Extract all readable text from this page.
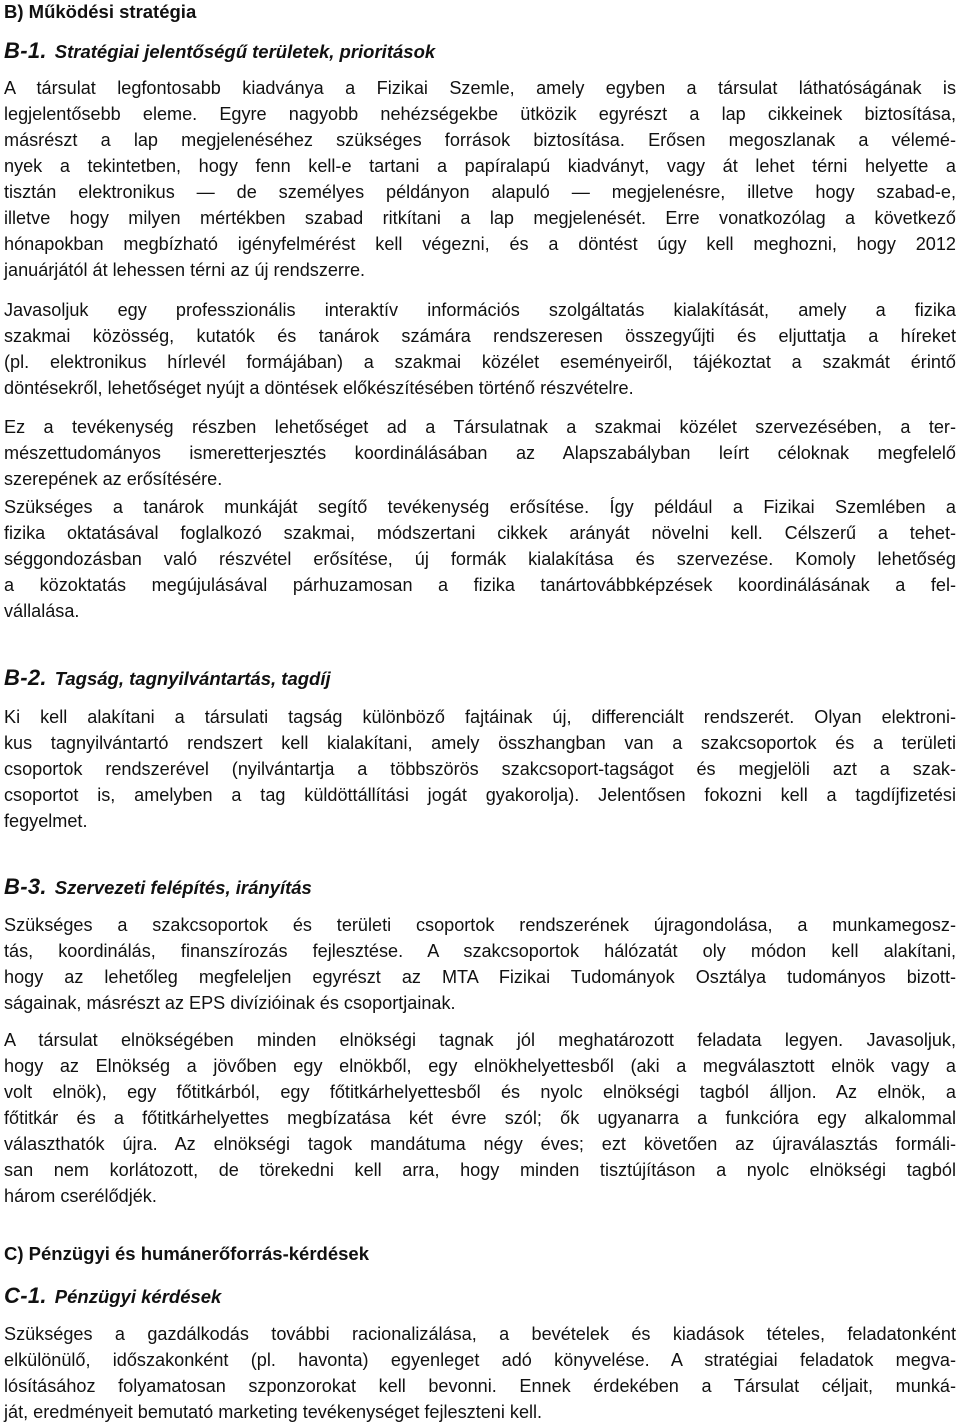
B) Működési stratégia

B-1. Stratégiai jelentőségű területek, prioritások

A társulat legfontosabb kiadványa a Fizikai Szemle, amely egyben a társulat láthatóságának is
legjelentősebb eleme. Egyre nagyobb nehézségekbe ütközik egyrészt a lap cikkeinek biztosítása,
másrészt a lap megjelenéséhez szükséges források biztosítása. Erősen megoszlanak a vélemé-
nyek a tekintetben, hogy fenn kell-e tartani a papíralapú kiadványt, vagy át lehet térni helyette a
tisztán elektronikus — de személyes példányon alapuló — megjelenésre, illetve hogy szabad-e,
illetve hogy milyen mértékben szabad ritkítani a lap megjelenését. Erre vonatkozólag a következő
hónapokban megbízható igényfelmérést kell végezni, és a döntést úgy kell meghozni, hogy 2012
januárjától át lehessen térni az új rendszerre.

Javasoljuk egy professzionális interaktív információs szolgáltatás kialakítását, amely a fizika
szakmai közösség, kutatók és tanárok számára rendszeresen összegyűjti és eljuttatja a híreket
(pl. elektronikus hírlevél formájában) a szakmai közélet eseményeiről, tájékoztat a szakmát érintő
döntésekről, lehetőséget nyújt a döntések előkészítésében történő részvételre.

Ez a tevékenység részben lehetőséget ad a Társulatnak a szakmai közélet szervezésében, a ter-
mészettudományos ismeretterjesztés koordinálásában az Alapszabályban leírt céloknak megfelelő
szerepének az erősítésére.

Szükséges a tanárok munkáját segítő tevékenység erősítése. Így például a Fizikai Szemlében a
fizika oktatásával foglalkozó szakmai, módszertani cikkek arányát növelni kell. Célszerű a tehet-
séggondozásban való részvétel erősítése, új formák kialakítása és szervezése. Komoly lehetőség
a közoktatás megújulásával párhuzamosan a fizika tanártovábbképzések koordinálásának a fel-
vállalása.

B-2. Tagság, tagnyilvántartás, tagdíj

Ki kell alakítani a társulati tagság különböző fajtáinak új, differenciált rendszerét. Olyan elektroni-
kus tagnyilvántartó rendszert kell kialakítani, amely összhangban van a szakcsoportok és a területi
csoportok rendszerével (nyilvántartja a többszörös szakcsoport-tagságot és megjelöli azt a szak-
csoportot is, amelyben a tag küldöttállítási jogát gyakorolja). Jelentősen fokozni kell a tagdíjfizetési
fegyelmet.

B-3. Szervezeti felépítés, irányítás

Szükséges a szakcsoportok és területi csoportok rendszerének újragondolása, a munkamegosz-
tás, koordinálás, finanszírozás fejlesztése. A szakcsoportok hálózatát oly módon kell alakítani,
hogy az lehetőleg megfeleljen egyrészt az MTA Fizikai Tudományok Osztálya tudományos bizott-
ságainak, másrészt az EPS divízióinak és csoportjainak.

A társulat elnökségében minden elnökségi tagnak jól meghatározott feladata legyen. Javasoljuk,
hogy az Elnökség a jövőben egy elnökből, egy elnökhelyettesből (aki a megválasztott elnök vagy a
volt elnök), egy főtitkárból, egy főtitkárhelyettesből és nyolc elnökségi tagból álljon. Az elnök, a
főtitkár és a főtitkárhelyettes megbízatása két évre szól; ők ugyanarra a funkcióra egy alkalommal
választhatók újra. Az elnökségi tagok mandátuma négy éves; ezt követően az újraválasztás formáli-
san nem korlátozott, de törekedni kell arra, hogy minden tisztújításon a nyolc elnökségi tagból
három cserélődjék.

C) Pénzügyi és humánerőforrás-kérdések

C-1. Pénzügyi kérdések

Szükséges a gazdálkodás további racionalizálása, a bevételek és kiadások tételes, feladatonként
elkülönülő, időszakonként (pl. havonta) egyenleget adó könyvelése. A stratégiai feladatok megva-
lósításához folyamatosan szponzorokat kell bevonni. Ennek érdekében a Társulat céljait, munká-
ját, eredményeit bemutató marketing tevékenységet fejleszteni kell.
